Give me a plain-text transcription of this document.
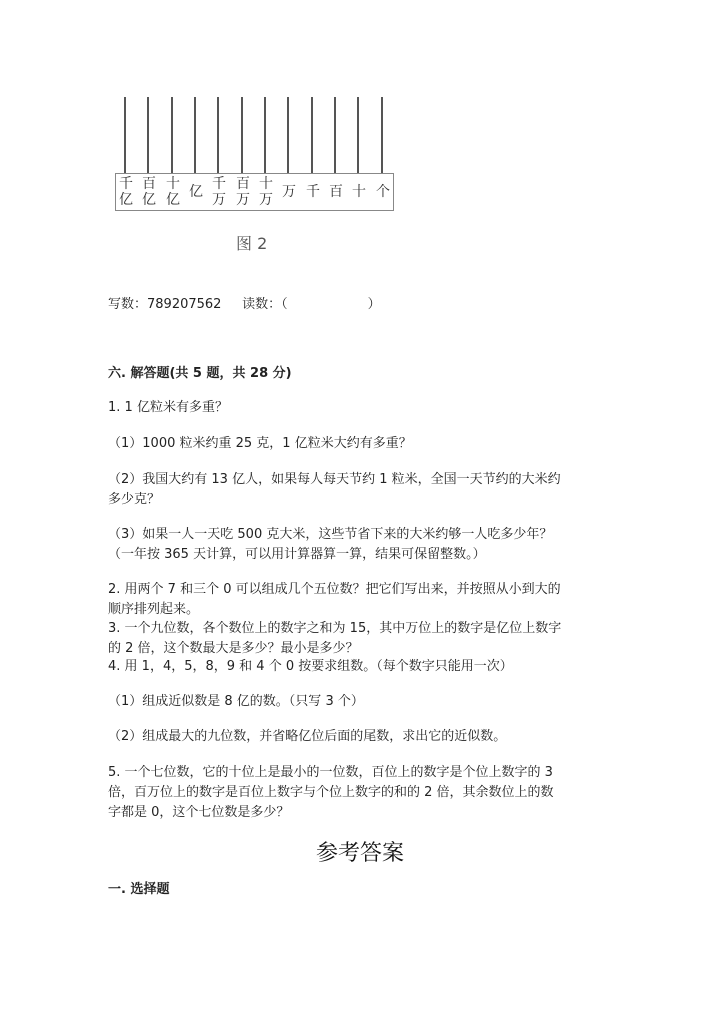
千
亿
百
亿
十
亿 亿 千
万
百
万
十
万 万 千 百 十 个
图 2
写数：789207562 读数：（	）
六. 解答题(共 5 题，共 28 分)
1. 1 亿粒米有多重？
（1）1000 粒米约重 25 克，1 亿粒米大约有多重？
（2）我国大约有 13 亿人，如果每人每天节约 1 粒米，全国一天节约的大米约
多少克？
（3）如果一人一天吃 500 克大米，这些节省下来的大米约够一人吃多少年？
（一年按 365 天计算，可以用计算器算一算，结果可保留整数。）
2. 用两个 7 和三个 0 可以组成几个五位数？把它们写出来，并按照从小到大的
顺序排列起来。
3. 一个九位数，各个数位上的数字之和为 15，其中万位上的数字是亿位上数字
的 2 倍，这个数最大是多少？最小是多少？
4. 用 1，4，5，8，9 和 4 个 0 按要求组数。（每个数字只能用一次）
（1）组成近似数是 8 亿的数。（只写 3 个）
（2）组成最大的九位数，并省略亿位后面的尾数，求出它的近似数。
5. 一个七位数，它的十位上是最小的一位数，百位上的数字是个位上数字的 3
倍，百万位上的数字是百位上数字与个位上数字的和的 2 倍，其余数位上的数
字都是 0，这个七位数是多少？
参考答案
一. 选择题
